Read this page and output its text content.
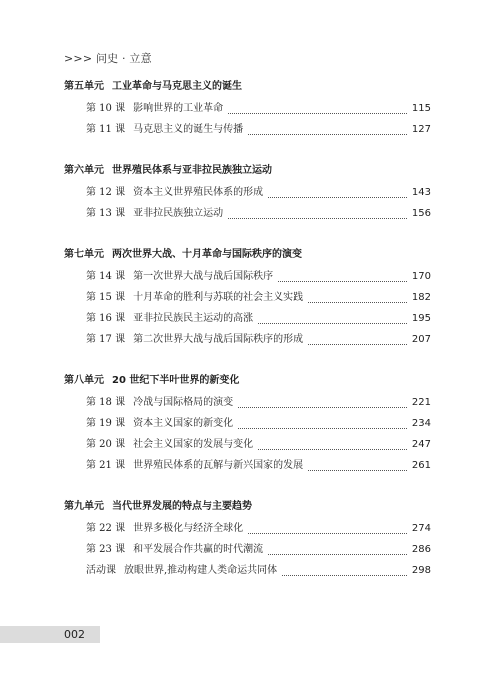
>>> 问史 · 立意
第五单元 工业革命与马克思主义的诞生
第 10 课 影响世界的工业革命	115
第 11 课 马克思主义的诞生与传播	127
第六单元 世界殖民体系与亚非拉民族独立运动
第 12 课 资本主义世界殖民体系的形成	143
第 13 课 亚非拉民族独立运动	156
第七单元 两次世界大战、十月革命与国际秩序的演变
第 14 课 第一次世界大战与战后国际秩序	170
第 15 课 十月革命的胜利与苏联的社会主义实践	182
第 16 课 亚非拉民族民主运动的高涨	195
第 17 课 第二次世界大战与战后国际秩序的形成	207
第八单元 20 世纪下半叶世界的新变化
第 18 课 冷战与国际格局的演变	221
第 19 课 资本主义国家的新变化	234
第 20 课 社会主义国家的发展与变化	247
第 21 课 世界殖民体系的瓦解与新兴国家的发展	261
第九单元 当代世界发展的特点与主要趋势
第 22 课 世界多极化与经济全球化	274
第 23 课 和平发展合作共赢的时代潮流	286
活动课 放眼世界,推动构建人类命运共同体	298
002
